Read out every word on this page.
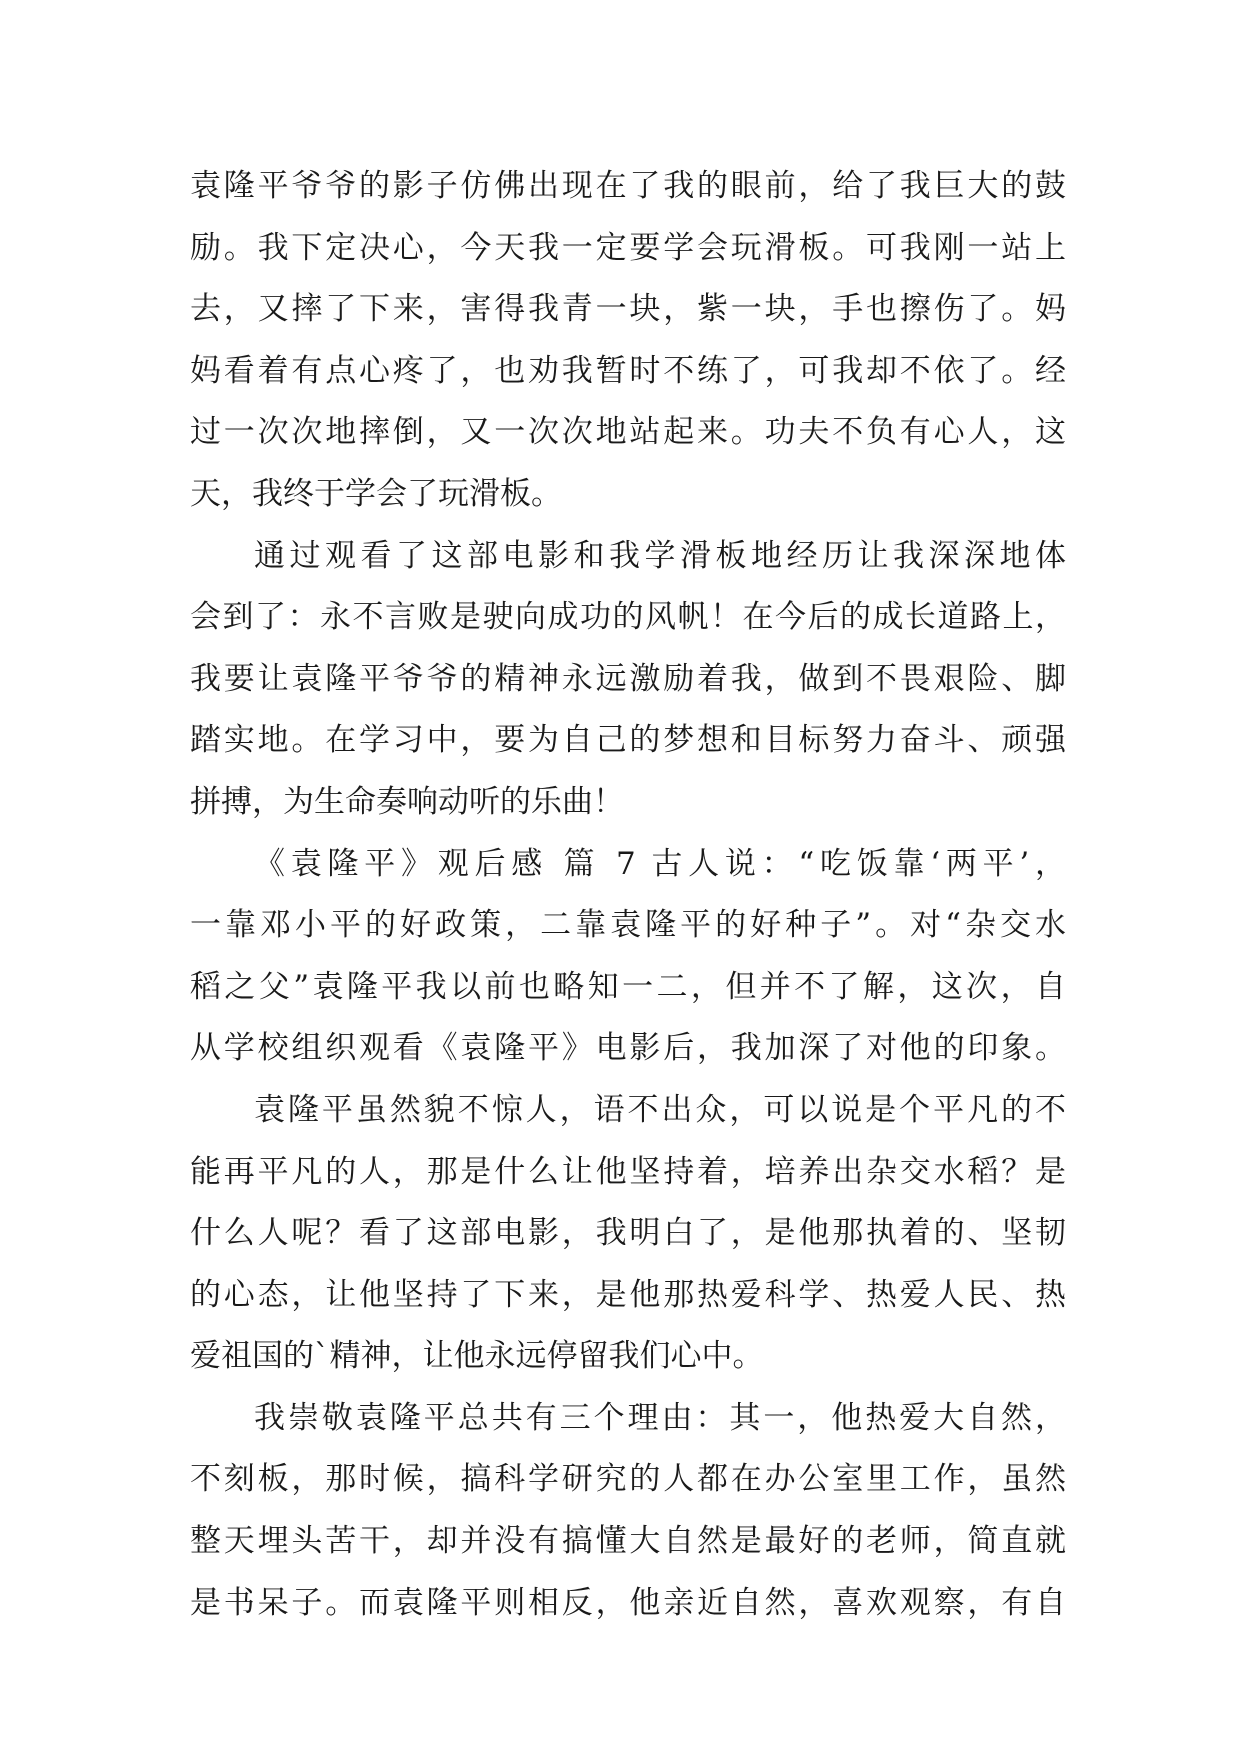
袁隆平爷爷的影子仿佛出现在了我的眼前，给了我巨大的鼓
励。我下定决心，今天我一定要学会玩滑板。可我刚一站上
去，又摔了下来，害得我青一块，紫一块，手也擦伤了。妈
妈看着有点心疼了，也劝我暂时不练了，可我却不依了。经
过一次次地摔倒，又一次次地站起来。功夫不负有心人，这
天，我终于学会了玩滑板。
通过观看了这部电影和我学滑板地经历让我深深地体
会到了：永不言败是驶向成功的风帆！在今后的成长道路上，
我要让袁隆平爷爷的精神永远激励着我，做到不畏艰险、脚
踏实地。在学习中，要为自己的梦想和目标努力奋斗、顽强
拼搏，为生命奏响动听的乐曲！
《袁隆平》观后感 篇 7 古人说：“吃饭靠‘两平’，
一靠邓小平的好政策，二靠袁隆平的好种子”。对“杂交水
稻之父”袁隆平我以前也略知一二，但并不了解，这次，自
从学校组织观看《袁隆平》电影后，我加深了对他的印象。
袁隆平虽然貌不惊人，语不出众，可以说是个平凡的不
能再平凡的人，那是什么让他坚持着，培养出杂交水稻？是
什么人呢？看了这部电影，我明白了，是他那执着的、坚韧
的心态，让他坚持了下来，是他那热爱科学、热爱人民、热
爱祖国的`精神，让他永远停留我们心中。
我崇敬袁隆平总共有三个理由：其一，他热爱大自然，
不刻板，那时候，搞科学研究的人都在办公室里工作，虽然
整天埋头苦干，却并没有搞懂大自然是最好的老师，简直就
是书呆子。而袁隆平则相反，他亲近自然，喜欢观察，有自
